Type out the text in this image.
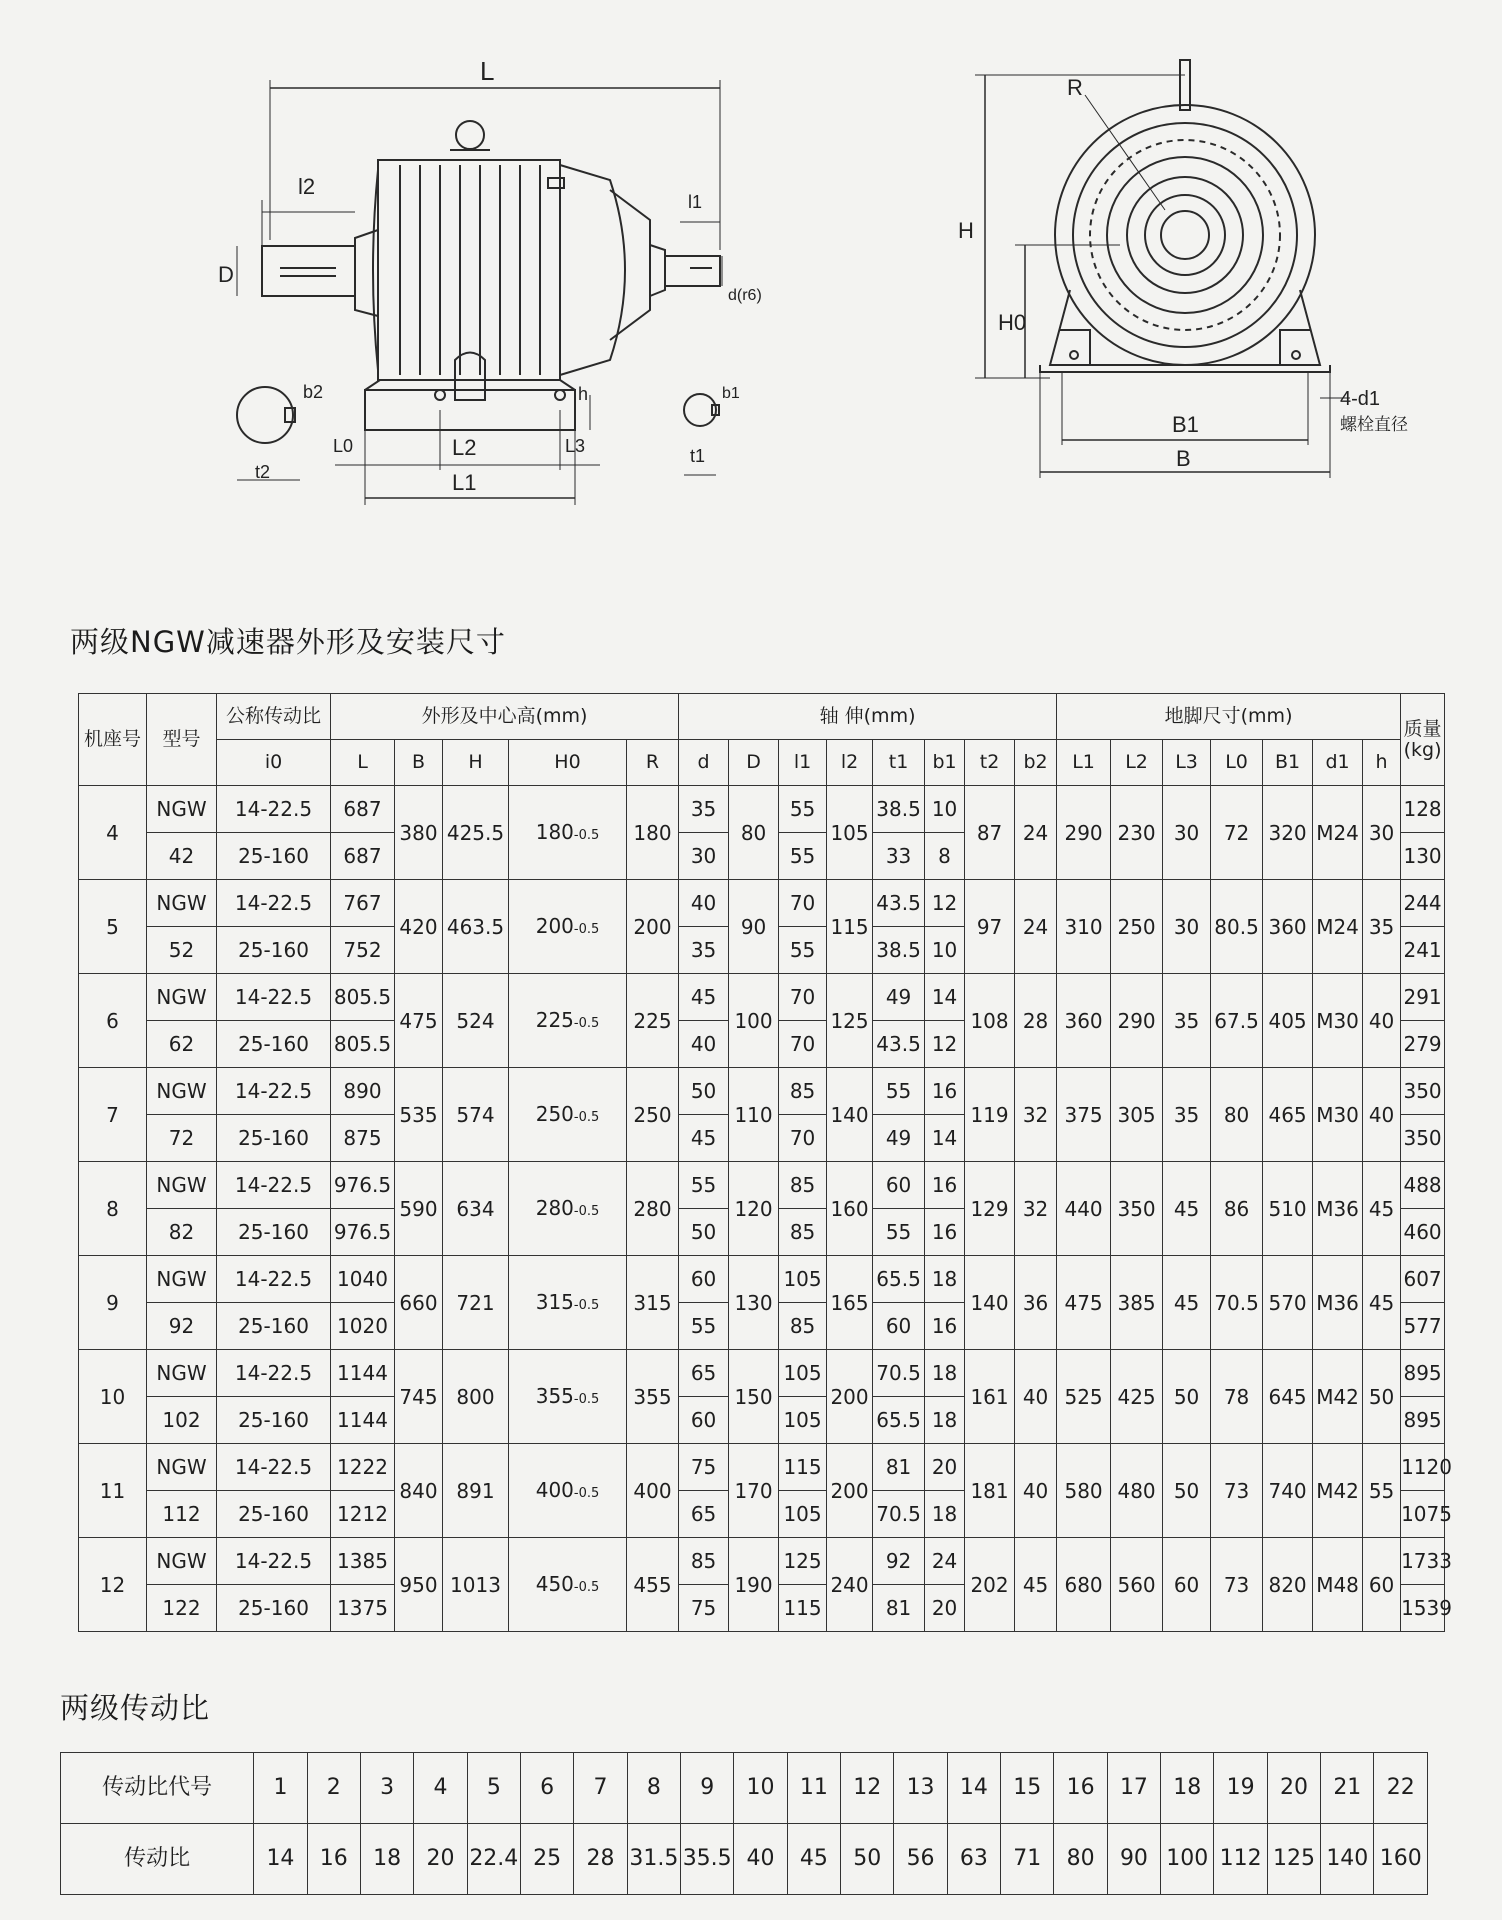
L
l2
D
b2
t2
L0	L2	L3
L1
l1
d(r6)
h	b1
t1
R
H
H0
4-d1
螺栓直径
B1
B
两级NGW减速器外形及安装尺寸
机座号	型号	公称传动比	外形及中心高(mm)					轴 伸(mm)								地脚尺寸(mm)							质量
(kg)

		i0	L	B	H	H0	R	d	D	l1	l2	t1	b1	t2	b2	L1	L2	L3	L0	B1	d1	h	
4	NGW	14-22.5	687	380	425.5	180-0.5	180	35	80	55	105	38.5	10	87	24	290	230	30	72	320	M24	30	128
	42	25-160	687					30		55		33	8										130
5	NGW	14-22.5	767	420	463.5	200-0.5	200	40	90	70	115	43.5	12	97	24	310	250	30	80.5	360	M24	35	244
	52	25-160	752					35		55		38.5	10										241
6	NGW	14-22.5	805.5	475	524	225-0.5	225	45	100	70	125	49	14	108	28	360	290	35	67.5	405	M30	40	291
	62	25-160	805.5					40		70		43.5	12										279
7	NGW	14-22.5	890	535	574	250-0.5	250	50	110	85	140	55	16	119	32	375	305	35	80	465	M30	40	350
	72	25-160	875					45		70		49	14										350
8	NGW	14-22.5	976.5	590	634	280-0.5	280	55	120	85	160	60	16	129	32	440	350	45	86	510	M36	45	488
	82	25-160	976.5					50		85		55	16										460
9	NGW	14-22.5	1040	660	721	315-0.5	315	60	130	105	165	65.5	18	140	36	475	385	45	70.5	570	M36	45	607
	92	25-160	1020					55		85		60	16										577
10	NGW	14-22.5	1144	745	800	355-0.5	355	65	150	105	200	70.5	18	161	40	525	425	50	78	645	M42	50	895
	102	25-160	1144					60		105		65.5	18										895
11	NGW	14-22.5	1222	840	891	400-0.5	400	75	170	115	200	81	20	181	40	580	480	50	73	740	M42	55	1120
	112	25-160	1212					65		105		70.5	18										1075
12	NGW	14-22.5	1385	950	1013	450-0.5	455	85	190	125	240	92	24	202	45	680	560	60	73	820	M48	60	1733
	122	25-160	1375					75		115		81	20										1539
两级传动比
传动比代号	1	2	3	4	5	6	7	8	9	10	11	12	13	14	15	16	17	18	19	20	21	22
传动比	14	16	18	20	22.4	25	28	31.5	35.5	40	45	50	56	63	71	80	90	100	112	125	140	160
